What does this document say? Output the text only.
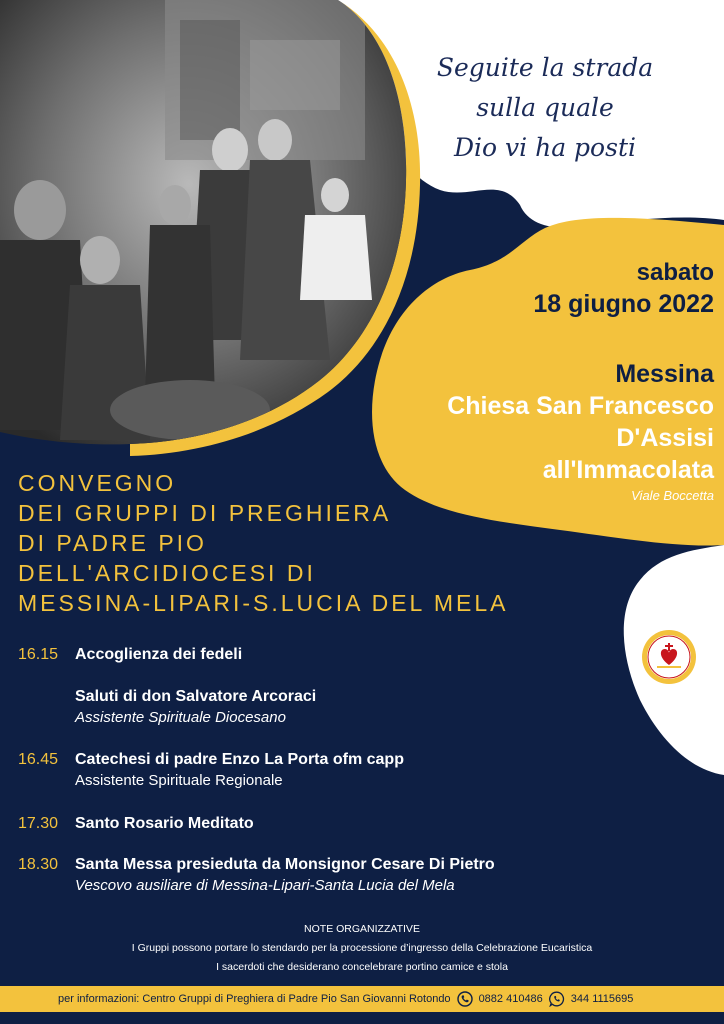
Seguite la strada
sulla quale
Dio vi ha posti
sabato
18 giugno 2022
Messina
Chiesa San Francesco
D'Assisi
all'Immacolata
Viale Boccetta
CONVEGNO
DEI GRUPPI DI PREGHIERA
DI PADRE PIO
DELL'ARCIDIOCESI DI
MESSINA-LIPARI-S.LUCIA DEL MELA
16.15 Accoglienza dei fedeli
Saluti di don Salvatore Arcoraci
Assistente Spirituale Diocesano
16.45 Catechesi di padre Enzo La Porta ofm capp
Assistente Spirituale Regionale
17.30 Santo Rosario Meditato
18.30 Santa Messa presieduta da Monsignor Cesare Di Pietro
Vescovo ausiliare di Messina-Lipari-Santa Lucia del Mela
NOTE ORGANIZZATIVE
I Gruppi possono portare lo stendardo per la processione d’ingresso della Celebrazione Eucaristica
I sacerdoti che desiderano concelebrare portino camice e stola
per informazioni: Centro Gruppi di Preghiera di Padre Pio San Giovanni Rotondo	0882 410486	344 1115695
